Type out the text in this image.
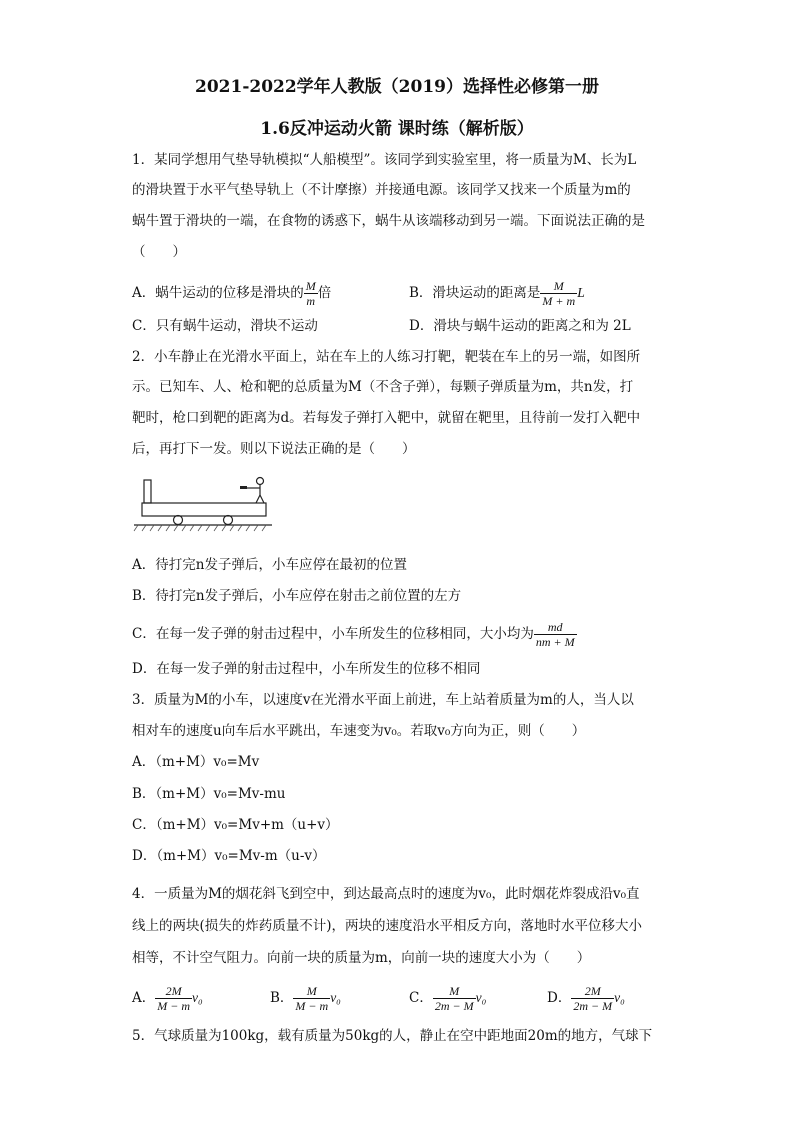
2021-2022学年人教版（2019）选择性必修第一册
1.6反冲运动火箭 课时练（解析版）
1．某同学想用气垫导轨模拟“人船模型”。该同学到实验室里，将一质量为M、长为L
的滑块置于水平气垫导轨上（不计摩擦）并接通电源。该同学又找来一个质量为m的
蜗牛置于滑块的一端，在食物的诱惑下，蜗牛从该端移动到另一端。下面说法正确的是
（　　）
A．蜗牛运动的位移是滑块的 $\frac{M}{m}$ 倍	B．滑块运动的距离是 $\frac{M}{M + m}$ L
C．只有蜗牛运动，滑块不运动	D．滑块与蜗牛运动的距离之和为 2L
2．小车静止在光滑水平面上，站在车上的人练习打靶，靶装在车上的另一端，如图所
示。已知车、人、枪和靶的总质量为M（不含子弹），每颗子弹质量为m，共n发，打
靶时，枪口到靶的距离为d。若每发子弹打入靶中，就留在靶里，且待前一发打入靶中
后，再打下一发。则以下说法正确的是（　　）
A．待打完n发子弹后，小车应停在最初的位置
B．待打完n发子弹后，小车应停在射击之前位置的左方
C．在每一发子弹的射击过程中，小车所发生的位移相同，大小均为 $\frac{md}{nm + M}$
D．在每一发子弹的射击过程中，小车所发生的位移不相同
3．质量为M的小车，以速度v在光滑水平面上前进，车上站着质量为m的人，当人以
相对车的速度u向车后水平跳出，车速变为v₀。若取v₀方向为正，则（　　）
A．（m+M）v₀=Mv
B．（m+M）v₀=Mv-mu
C．（m+M）v₀=Mv+m（u+v）
D．（m+M）v₀=Mv-m（u-v）
4．一质量为M的烟花斜飞到空中，到达最高点时的速度为v₀，此时烟花炸裂成沿v₀直
线上的两块(损失的炸药质量不计)，两块的速度沿水平相反方向，落地时水平位移大小
相等，不计空气阻力。向前一块的质量为m，向前一块的速度大小为（　　）
A． $\frac{2M}{M - m} v_0$	B． $\frac{M}{M - m} v_0$	C． $\frac{M}{2m - M} v_0$	D． $\frac{2M}{2m - M} v_0$
5．气球质量为100kg，载有质量为50kg的人，静止在空中距地面20m的地方，气球下
